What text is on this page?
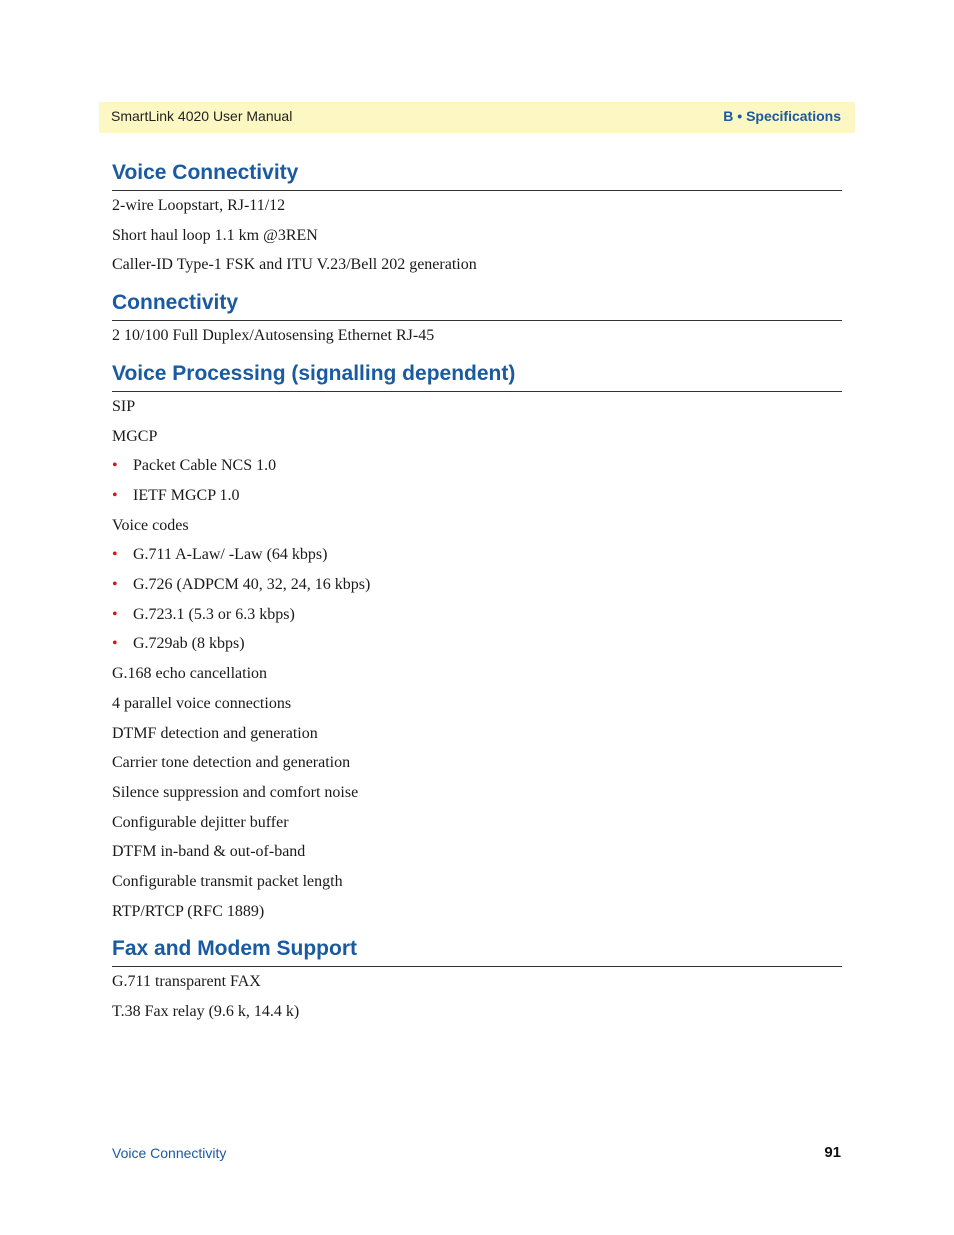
SmartLink 4020 User Manual	B • Specifications
Voice Connectivity

2-wire Loopstart, RJ-11/12

Short haul loop 1.1 km @3REN

Caller-ID Type-1 FSK and ITU V.23/Bell 202 generation

Connectivity

2 10/100 Full Duplex/Autosensing Ethernet RJ-45

Voice Processing (signalling dependent)

SIP

MGCP

• Packet Cable NCS 1.0

• IETF MGCP 1.0

Voice codes

• G.711 A-Law/ -Law (64 kbps)

• G.726 (ADPCM 40, 32, 24, 16 kbps)

• G.723.1 (5.3 or 6.3 kbps)

• G.729ab (8 kbps)

G.168 echo cancellation

4 parallel voice connections

DTMF detection and generation

Carrier tone detection and generation

Silence suppression and comfort noise

Configurable dejitter buffer

DTFM in-band & out-of-band

Configurable transmit packet length

RTP/RTCP (RFC 1889)

Fax and Modem Support

G.711 transparent FAX

T.38 Fax relay (9.6 k, 14.4 k)

Voice Connectivity	91
